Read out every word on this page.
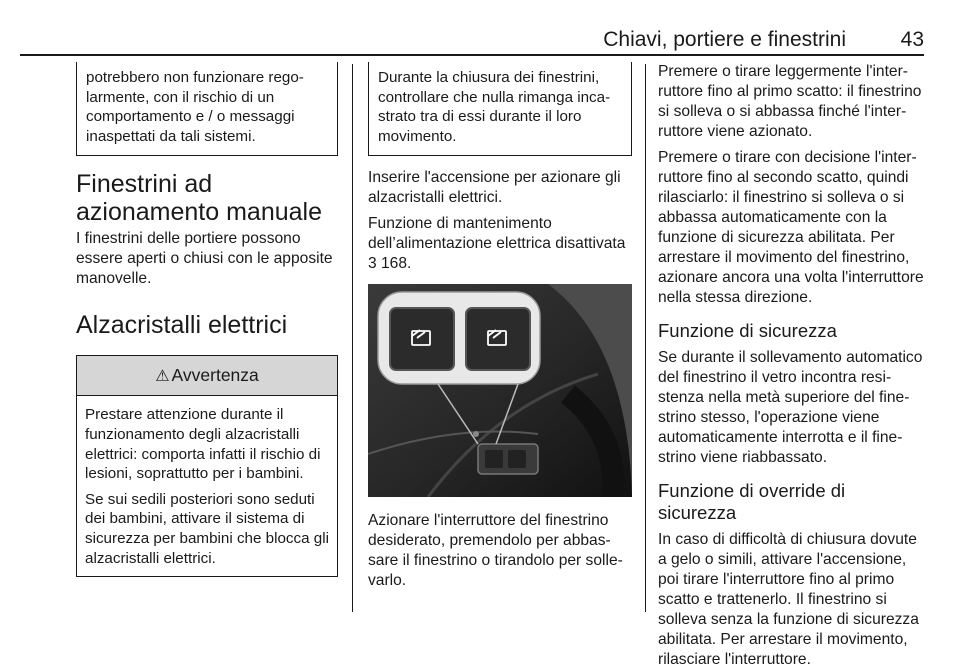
Chiavi, portiere e finestrini	43

potrebbero non funzionare regolarmente, con il rischio di un comportamento e / o messaggi inaspettati da tali sistemi.

Finestrini ad azionamento manuale

I finestrini delle portiere possono essere aperti o chiusi con le apposite manovelle.

Alzacristalli elettrici
⚠ Avvertenza

Prestare attenzione durante il funzionamento degli alzacristalli elettrici: comporta infatti il rischio di lesioni, soprattutto per i bambini.

Se sui sedili posteriori sono seduti dei bambini, attivare il sistema di sicurezza per bambini che blocca gli alzacristalli elettrici.

Durante la chiusura dei finestrini, controllare che nulla rimanga incastrato tra di essi durante il loro movimento.

Inserire l'accensione per azionare gli alzacristalli elettrici.

Funzione di mantenimento dell’alimentazione elettrica disattivata
3 168.

Azionare l'interruttore del finestrino desiderato, premendolo per abbassare il finestrino o tirandolo per sollevarlo.

Premere o tirare leggermente l'interruttore fino al primo scatto: il finestrino si solleva o si abbassa finché l'interruttore viene azionato.

Premere o tirare con decisione l'interruttore fino al secondo scatto, quindi rilasciarlo: il finestrino si solleva o si abbassa automaticamente con la funzione di sicurezza abilitata. Per arrestare il movimento del finestrino, azionare ancora una volta l'interruttore nella stessa direzione.

Funzione di sicurezza

Se durante il sollevamento automatico del finestrino il vetro incontra resistenza nella metà superiore del finestrino stesso, l'operazione viene automaticamente interrotta e il finestrino viene riabbassato.

Funzione di override di sicurezza

In caso di difficoltà di chiusura dovute a gelo o simili, attivare l'accensione, poi tirare l'interruttore fino al primo scatto e trattenerlo. Il finestrino si solleva senza la funzione di sicurezza abilitata. Per arrestare il movimento, rilasciare l'interruttore.
